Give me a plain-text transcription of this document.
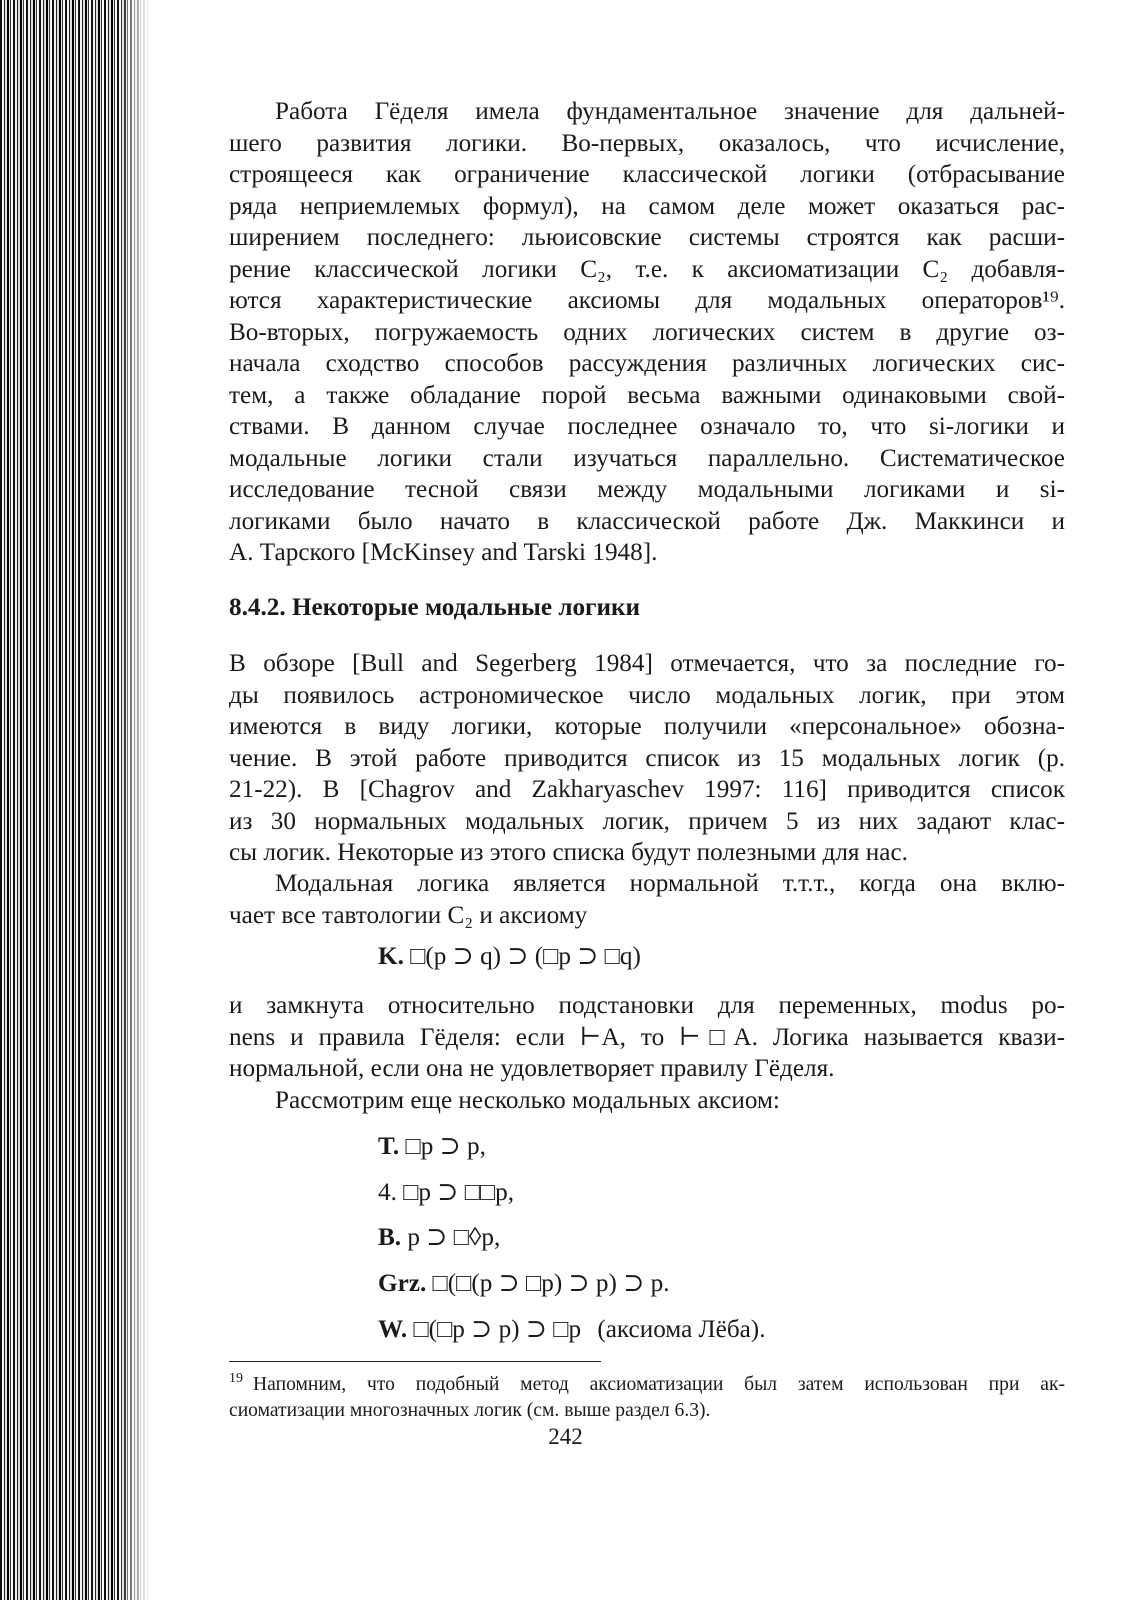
Работа Гёделя имела фундаментальное значение для дальней-
шего развития логики. Во-первых, оказалось, что исчисление,
строящееся как ограничение классической логики (отбрасывание
ряда неприемлемых формул), на самом деле может оказаться рас-
ширением последнего: льюисовские системы строятся как расши-
рение классической логики C₂, т.е. к аксиоматизации C₂ добавля-
ются характеристические аксиомы для модальных операторов¹⁹.
Во-вторых, погружаемость одних логических систем в другие оз-
начала сходство способов рассуждения различных логических сис-
тем, а также обладание порой весьма важными одинаковыми свой-
ствами. В данном случае последнее означало то, что si-логики и
модальные логики стали изучаться параллельно. Систематическое
исследование тесной связи между модальными логиками и si-
логиками было начато в классической работе Дж. Маккинси и
А. Тарского [McKinsey and Tarski 1948].
8.4.2. Некоторые модальные логики
В обзоре [Bull and Segerberg 1984] отмечается, что за последние го-
ды появилось астрономическое число модальных логик, при этом
имеются в виду логики, которые получили «персональное» обозна-
чение. В этой работе приводится список из 15 модальных логик (р.
21-22). В [Chagrov and Zakharyaschev 1997: 116] приводится список
из 30 нормальных модальных логик, причем 5 из них задают клас-
сы логик. Некоторые из этого списка будут полезными для нас.
Модальная логика является нормальной т.т.т., когда она вклю-
чает все тавтологии C₂ и аксиому
K. □(p ⊃ q) ⊃ (□p ⊃ □q)
и замкнута относительно подстановки для переменных, modus po-
nens и правила Гёделя: если ⊢A, то ⊢□A. Логика называется квази-
нормальной, если она не удовлетворяет правилу Гёделя.
Рассмотрим еще несколько модальных аксиом:
T. □p ⊃ p,
4. □p ⊃ □□p,
B. p ⊃ □◊p,
Grz. □(□(p ⊃ □p) ⊃ p) ⊃ p.
W. □(□p ⊃ p) ⊃ □p (аксиома Лёба).
$^{19}$ Напомним, что подобный метод аксиоматизации был затем использован при ак-
сиоматизации многозначных логик (см. выше раздел 6.3).
242
